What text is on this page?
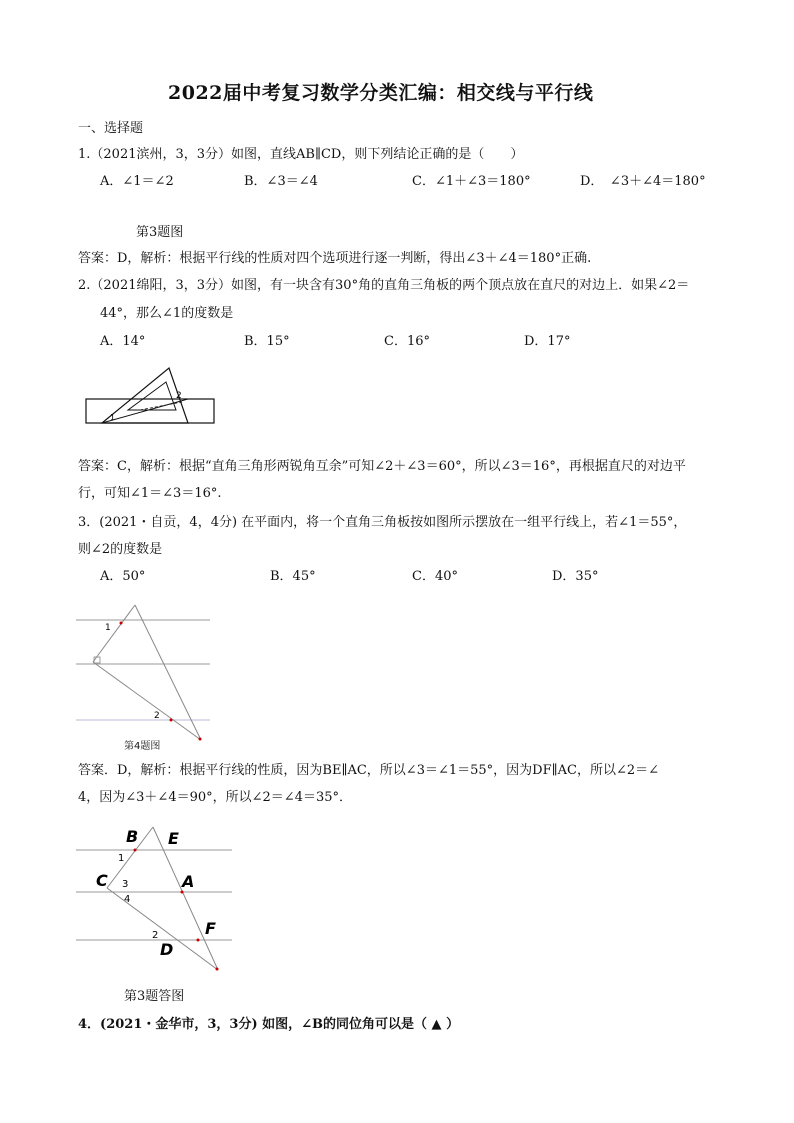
2022届中考复习数学分类汇编：相交线与平行线
一、选择题
1.（2021滨州，3，3分）如图，直线AB∥CD，则下列结论正确的是（　　）
A．∠1＝∠2	B．∠3＝∠4	C．∠1＋∠3＝180°	D．　∠3＋∠4＝180°
第3题图
答案：D，解析：根据平行线的性质对四个选项进行逐一判断，得出∠3＋∠4＝180°正确.
2.（2021绵阳，3，3分）如图，有一块含有30°角的直角三角板的两个顶点放在直尺的对边上．如果∠2＝
44°，那么∠1的度数是
A．14°	B．15°	C．16°	D．17°
2
1
答案：C，解析：根据“直角三角形两锐角互余”可知∠2＋∠3＝60°，所以∠3＝16°，再根据直尺的对边平
行，可知∠1＝∠3＝16°.
3．(2021・自贡，4，4分) 在平面内，将一个直角三角板按如图所示摆放在一组平行线上，若∠1＝55°，
则∠2的度数是
A．50°	B．45°	C．40°	D．35°
1
2
第4题图
答案．D，解析：根据平行线的性质，因为BE∥AC，所以∠3＝∠1＝55°，因为DF∥AC，所以∠2＝∠
4，因为∠3＋∠4＝90°，所以∠2＝∠4＝35°．
B E
C	A
F
D
1
3
4
2
第3题答图
4．(2021・金华市，3，3分) 如图，∠B的同位角可以是（ ▲ ）
